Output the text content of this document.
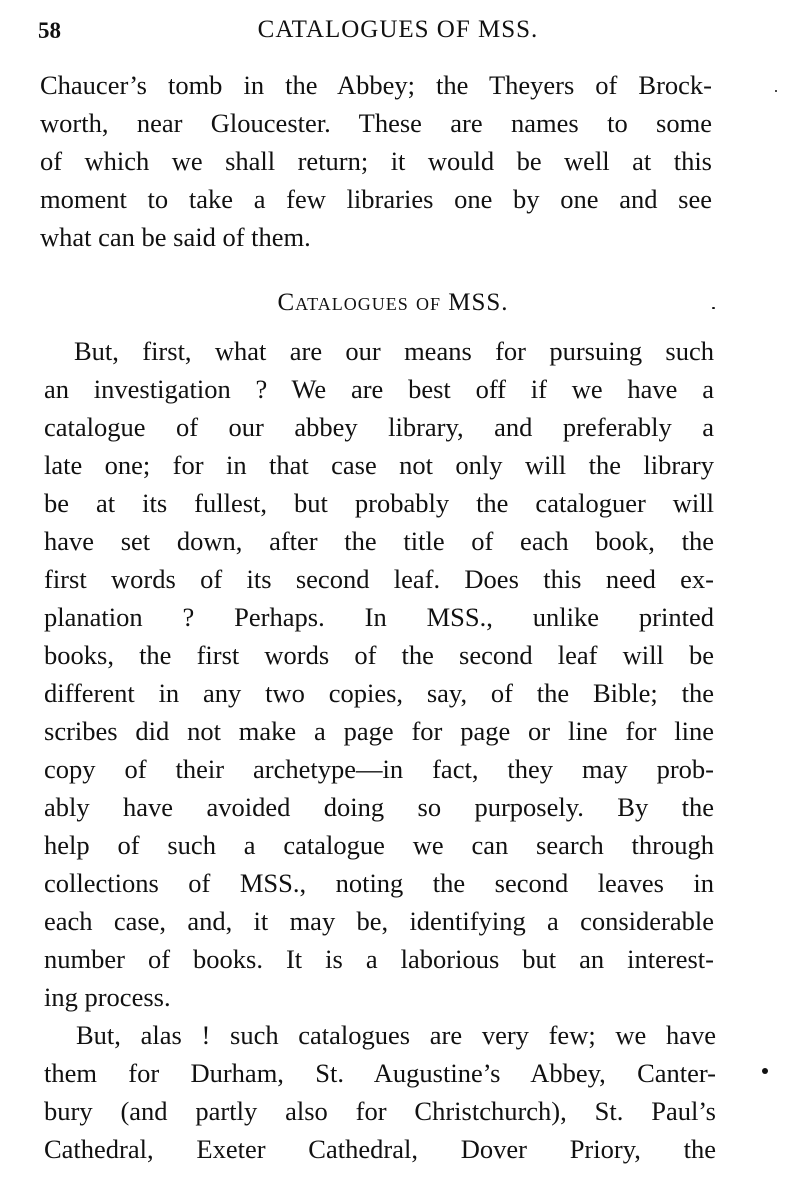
58	CATALOGUES OF MSS.
Chaucer’s tomb in the Abbey; the Theyers of Brock-
worth, near Gloucester. These are names to some
of which we shall return; it would be well at this
moment to take a few libraries one by one and see
what can be said of them.
Catalogues of MSS.
But, first, what are our means for pursuing such
an investigation ? We are best off if we have a
catalogue of our abbey library, and preferably a
late one; for in that case not only will the library
be at its fullest, but probably the cataloguer will
have set down, after the title of each book, the
first words of its second leaf. Does this need ex-
planation ? Perhaps. In MSS., unlike printed
books, the first words of the second leaf will be
different in any two copies, say, of the Bible; the
scribes did not make a page for page or line for line
copy of their archetype—in fact, they may prob-
ably have avoided doing so purposely. By the
help of such a catalogue we can search through
collections of MSS., noting the second leaves in
each case, and, it may be, identifying a considerable
number of books. It is a laborious but an interest-
ing process.
But, alas ! such catalogues are very few; we have
them for Durham, St. Augustine’s Abbey, Canter-
bury (and partly also for Christchurch), St. Paul’s
Cathedral, Exeter Cathedral, Dover Priory, the
